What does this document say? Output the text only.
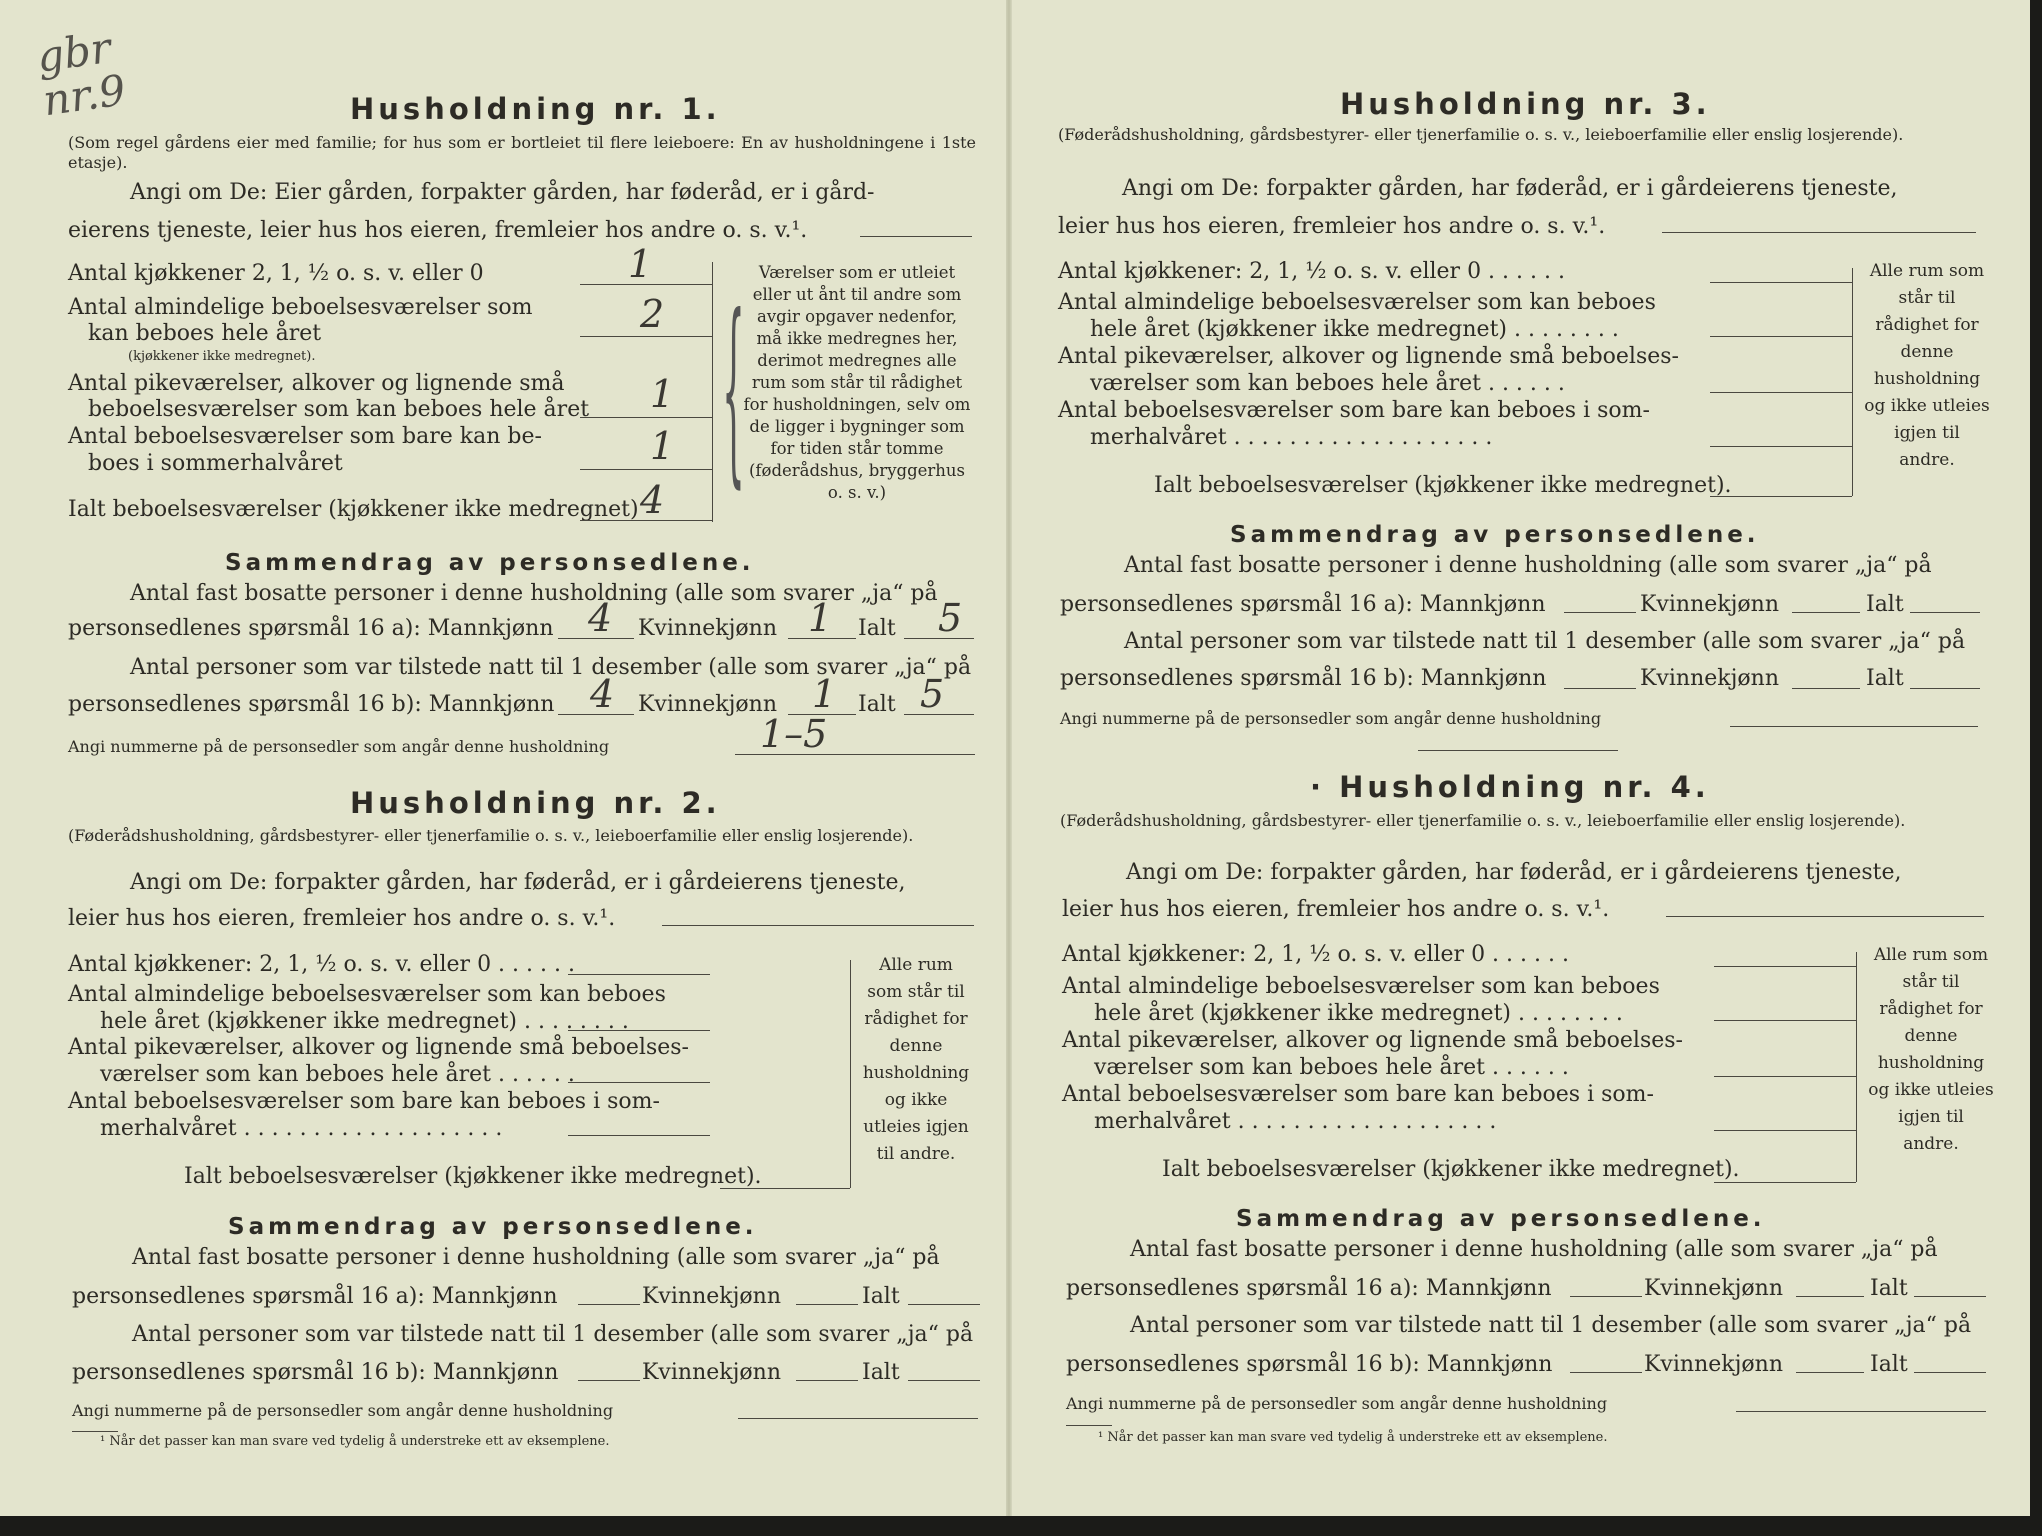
gbr
nr.9	Husholdning nr. 1.
(Som regel gårdens eier med familie; for hus som er bortleiet til flere leieboere: En av husholdningene i 1ste etasje).
Angi om De: Eier gården, forpakter gården, har føderåd, er i gård-
eierens tjeneste, leier hus hos eieren, fremleier hos andre o. s. v.¹.
Antal kjøkkener 2, 1, ½ o. s. v. eller 0	1
Antal almindelige beboelsesværelser som
kan beboes hele året
(kjøkkener ikke medregnet).
2
Antal pikeværelser, alkover og lignende små
beboelsesværelser som kan beboes hele året 1
Antal beboelsesværelser som bare kan be-
boes i sommerhalvåret	1
Ialt beboelsesværelser (kjøkkener ikke medregnet) 4 {
Værelser som er utleiet eller ut ånt til andre som avgir opgaver nedenfor, må ikke medregnes her, derimot medregnes alle rum som står til rådighet for husholdningen, selv om de ligger i bygninger som for tiden står tomme (føderådshus, bryggerhus o. s. v.)
Sammendrag av personsedlene.
Antal fast bosatte personer i denne husholdning (alle som svarer „ja“ på
personsedlenes spørsmål 16 a): Mannkjønn 4 Kvinnekjønn 1 Ialt 5
Antal personer som var tilstede natt til 1 desember (alle som svarer „ja“ på
personsedlenes spørsmål 16 b): Mannkjønn 4 Kvinnekjønn 1 Ialt 5
Angi nummerne på de personsedler som angår denne husholdning	1–5
Husholdning nr. 2.
(Føderådshusholdning, gårdsbestyrer- eller tjenerfamilie o. s. v., leieboerfamilie eller enslig losjerende).
Angi om De: forpakter gården, har føderåd, er i gårdeierens tjeneste,
leier hus hos eieren, fremleier hos andre o. s. v.¹.
Antal kjøkkener: 2, 1, ½ o. s. v. eller 0 . . . . . .
Antal almindelige beboelsesværelser som kan beboes
hele året (kjøkkener ikke medregnet) . . . . . . . .
Antal pikeværelser, alkover og lignende små beboelses-
værelser som kan beboes hele året . . . . . .
Antal beboelsesværelser som bare kan beboes i som-
merhalvåret . . . . . . . . . . . . . . . . . . .
Ialt beboelsesværelser (kjøkkener ikke medregnet).
Alle rum som står til rådighet for denne husholdning og ikke utleies igjen til andre.
Sammendrag av personsedlene.
Antal fast bosatte personer i denne husholdning (alle som svarer „ja“ på
personsedlenes spørsmål 16 a): Mannkjønn	Kvinnekjønn	Ialt
Antal personer som var tilstede natt til 1 desember (alle som svarer „ja“ på
personsedlenes spørsmål 16 b): Mannkjønn	Kvinnekjønn	Ialt
Angi nummerne på de personsedler som angår denne husholdning
¹ Når det passer kan man svare ved tydelig å understreke ett av eksemplene.
Husholdning nr. 3.
(Føderådshusholdning, gårdsbestyrer- eller tjenerfamilie o. s. v., leieboerfamilie eller enslig losjerende).
Angi om De: forpakter gården, har føderåd, er i gårdeierens tjeneste,
leier hus hos eieren, fremleier hos andre o. s. v.¹.
Antal kjøkkener: 2, 1, ½ o. s. v. eller 0 . . . . . .
Antal almindelige beboelsesværelser som kan beboes
hele året (kjøkkener ikke medregnet) . . . . . . . .
Antal pikeværelser, alkover og lignende små beboelses-
værelser som kan beboes hele året . . . . . .
Antal beboelsesværelser som bare kan beboes i som-
merhalvåret . . . . . . . . . . . . . . . . . . .
Ialt beboelsesværelser (kjøkkener ikke medregnet).
Alle rum som står til rådighet for denne husholdning og ikke utleies igjen til andre.
Sammendrag av personsedlene.
Antal fast bosatte personer i denne husholdning (alle som svarer „ja“ på
personsedlenes spørsmål 16 a): Mannkjønn	Kvinnekjønn	Ialt
Antal personer som var tilstede natt til 1 desember (alle som svarer „ja“ på
personsedlenes spørsmål 16 b): Mannkjønn	Kvinnekjønn	Ialt
Angi nummerne på de personsedler som angår denne husholdning
· Husholdning nr. 4.
(Føderådshusholdning, gårdsbestyrer- eller tjenerfamilie o. s. v., leieboerfamilie eller enslig losjerende).
Angi om De: forpakter gården, har føderåd, er i gårdeierens tjeneste,
leier hus hos eieren, fremleier hos andre o. s. v.¹.
Antal kjøkkener: 2, 1, ½ o. s. v. eller 0 . . . . . .
Antal almindelige beboelsesværelser som kan beboes
hele året (kjøkkener ikke medregnet) . . . . . . . .
Antal pikeværelser, alkover og lignende små beboelses-
værelser som kan beboes hele året . . . . . .
Antal beboelsesværelser som bare kan beboes i som-
merhalvåret . . . . . . . . . . . . . . . . . . .
Ialt beboelsesværelser (kjøkkener ikke medregnet).
Alle rum som står til rådighet for denne husholdning og ikke utleies igjen til andre.
Sammendrag av personsedlene.
Antal fast bosatte personer i denne husholdning (alle som svarer „ja“ på
personsedlenes spørsmål 16 a): Mannkjønn	Kvinnekjønn	Ialt
Antal personer som var tilstede natt til 1 desember (alle som svarer „ja“ på
personsedlenes spørsmål 16 b): Mannkjønn	Kvinnekjønn	Ialt
Angi nummerne på de personsedler som angår denne husholdning
¹ Når det passer kan man svare ved tydelig å understreke ett av eksemplene.
